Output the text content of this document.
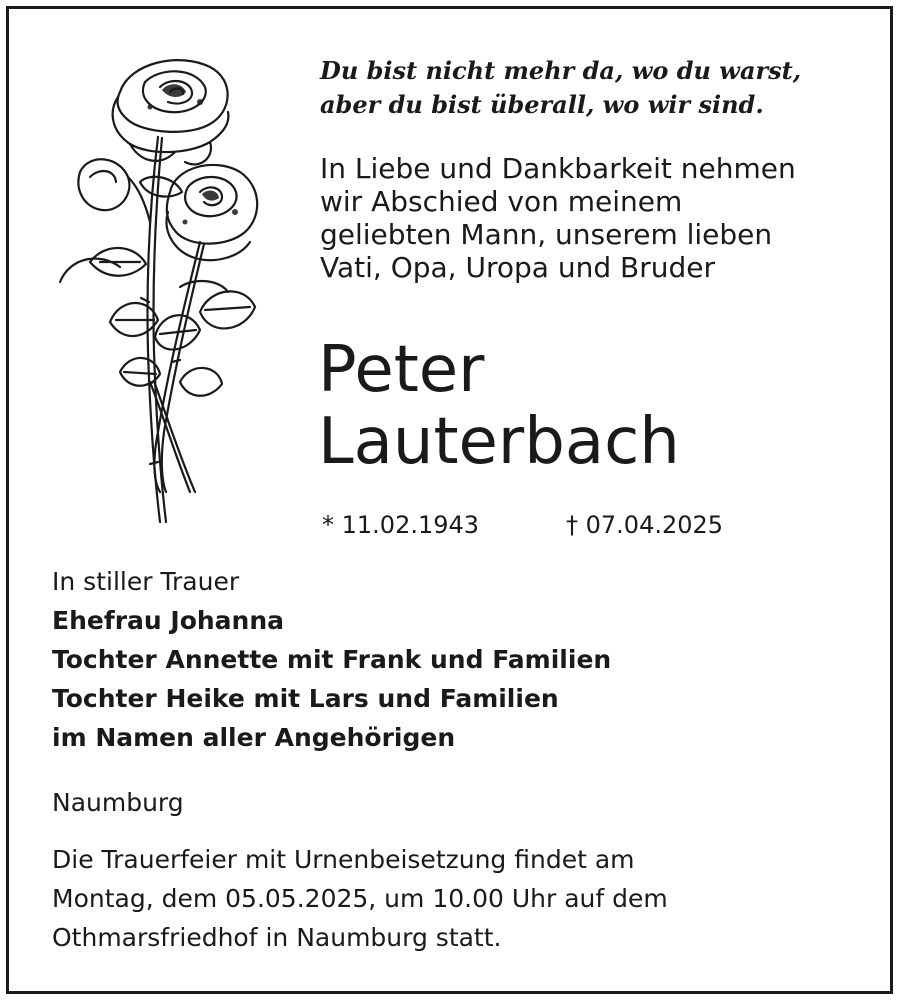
Du bist nicht mehr da, wo du warst,
aber du bist überall, wo wir sind.
In Liebe und Dankbarkeit nehmen
wir Abschied von meinem
geliebten Mann, unserem lieben
Vati, Opa, Uropa und Bruder
Peter
Lauterbach
* 11.02.1943	† 07.04.2025
In stiller Trauer
Ehefrau Johanna
Tochter Annette mit Frank und Familien
Tochter Heike mit Lars und Familien
im Namen aller Angehörigen
Naumburg
Die Trauerfeier mit Urnenbeisetzung findet am
Montag, dem 05.05.2025, um 10.00 Uhr auf dem
Othmarsfriedhof in Naumburg statt.
